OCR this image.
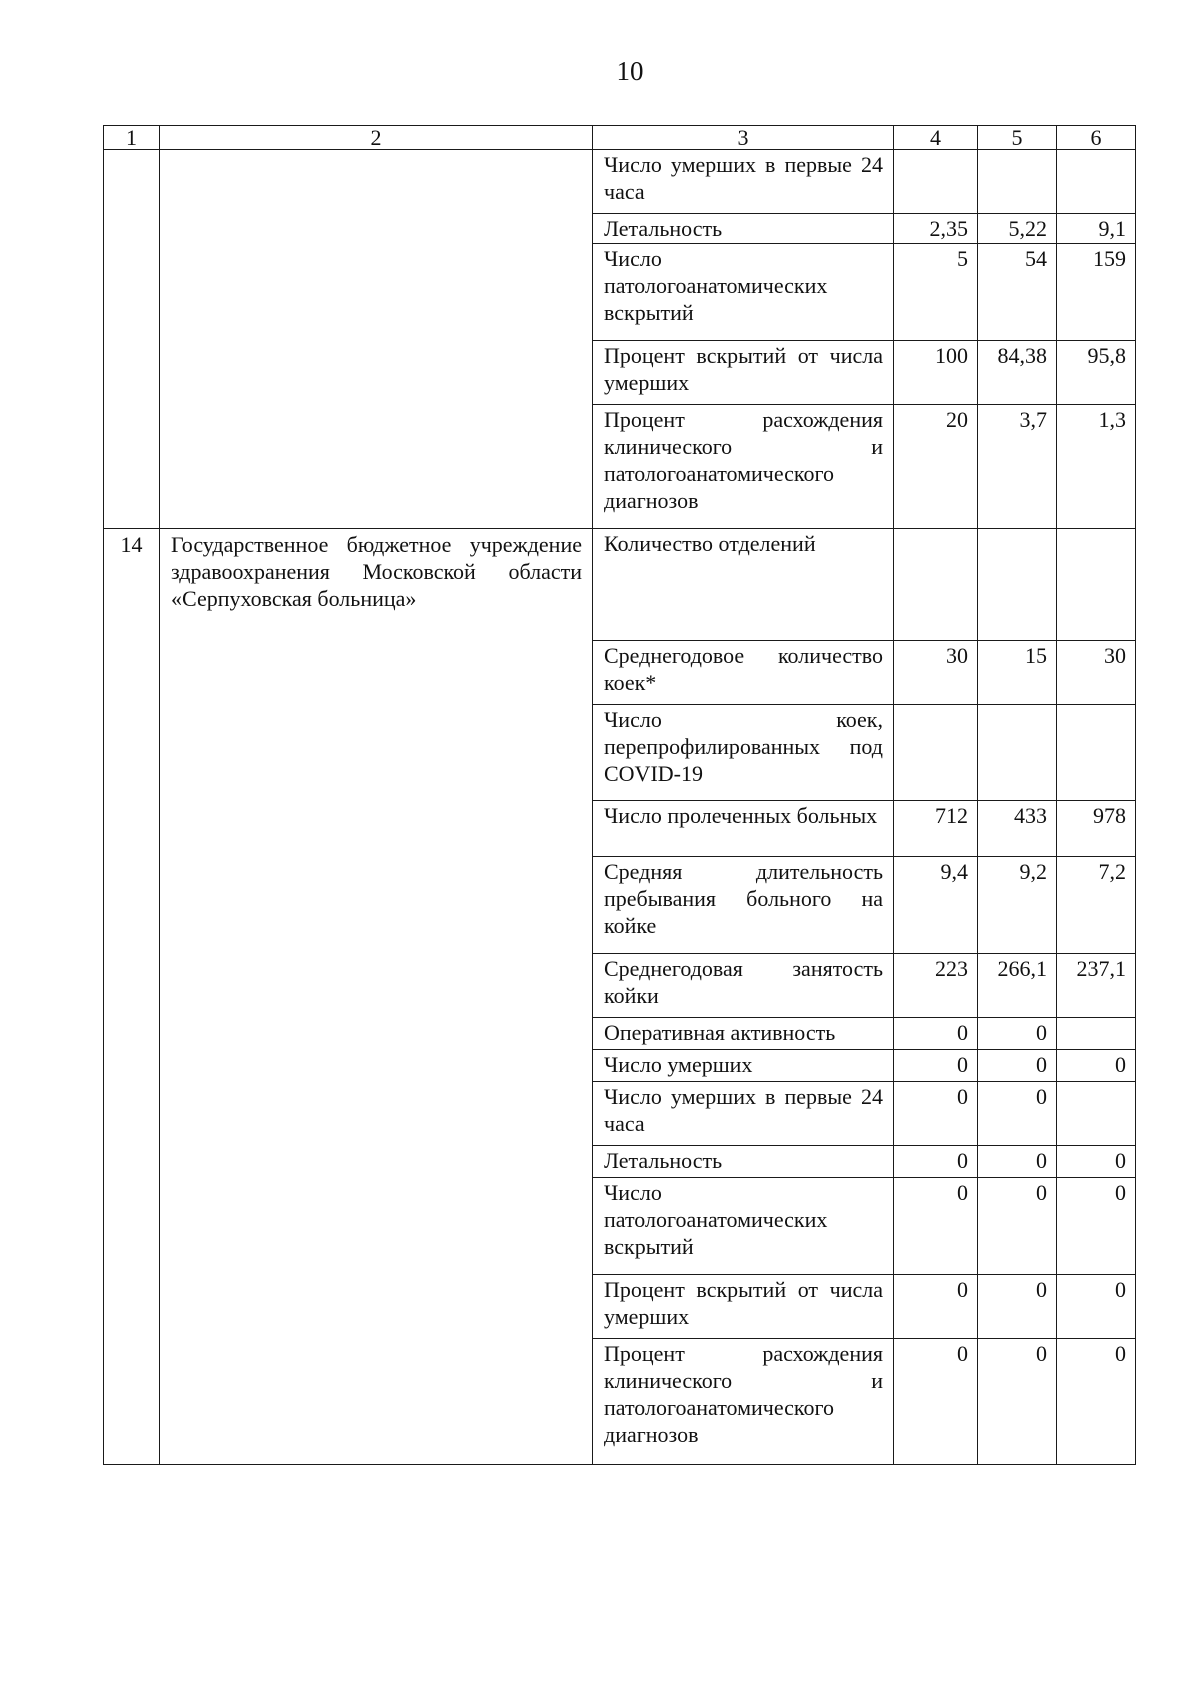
10
1	2	3	4	5	6
		Число умерших в первые 24 часа			
		Летальность	2,35	5,22	9,1
		Число патологоанатомических вскрытий	5	54	159
		Процент вскрытий от числа умерших	100	84,38	95,8
		Процент расхождения клинического и патологоанатомического диагнозов	20	3,7	1,3
14	Государственное бюджетное учреждение здравоохранения Московской области «Серпуховская больница»	Количество отделений			
		Среднегодовое количество коек*	30	15	30
		Число коек, перепрофилированных под COVID-19			
		Число пролеченных больных	712	433	978
		Средняя длительность пребывания больного на койке	9,4	9,2	7,2
		Среднегодовая занятость койки	223	266,1	237,1
		Оперативная активность	0	0	
		Число умерших	0	0	0
		Число умерших в первые 24 часа	0	0	
		Летальность	0	0	0
		Число патологоанатомических вскрытий	0	0	0
		Процент вскрытий от числа умерших	0	0	0
		Процент расхождения клинического и патологоанатомического диагнозов	0	0	0
